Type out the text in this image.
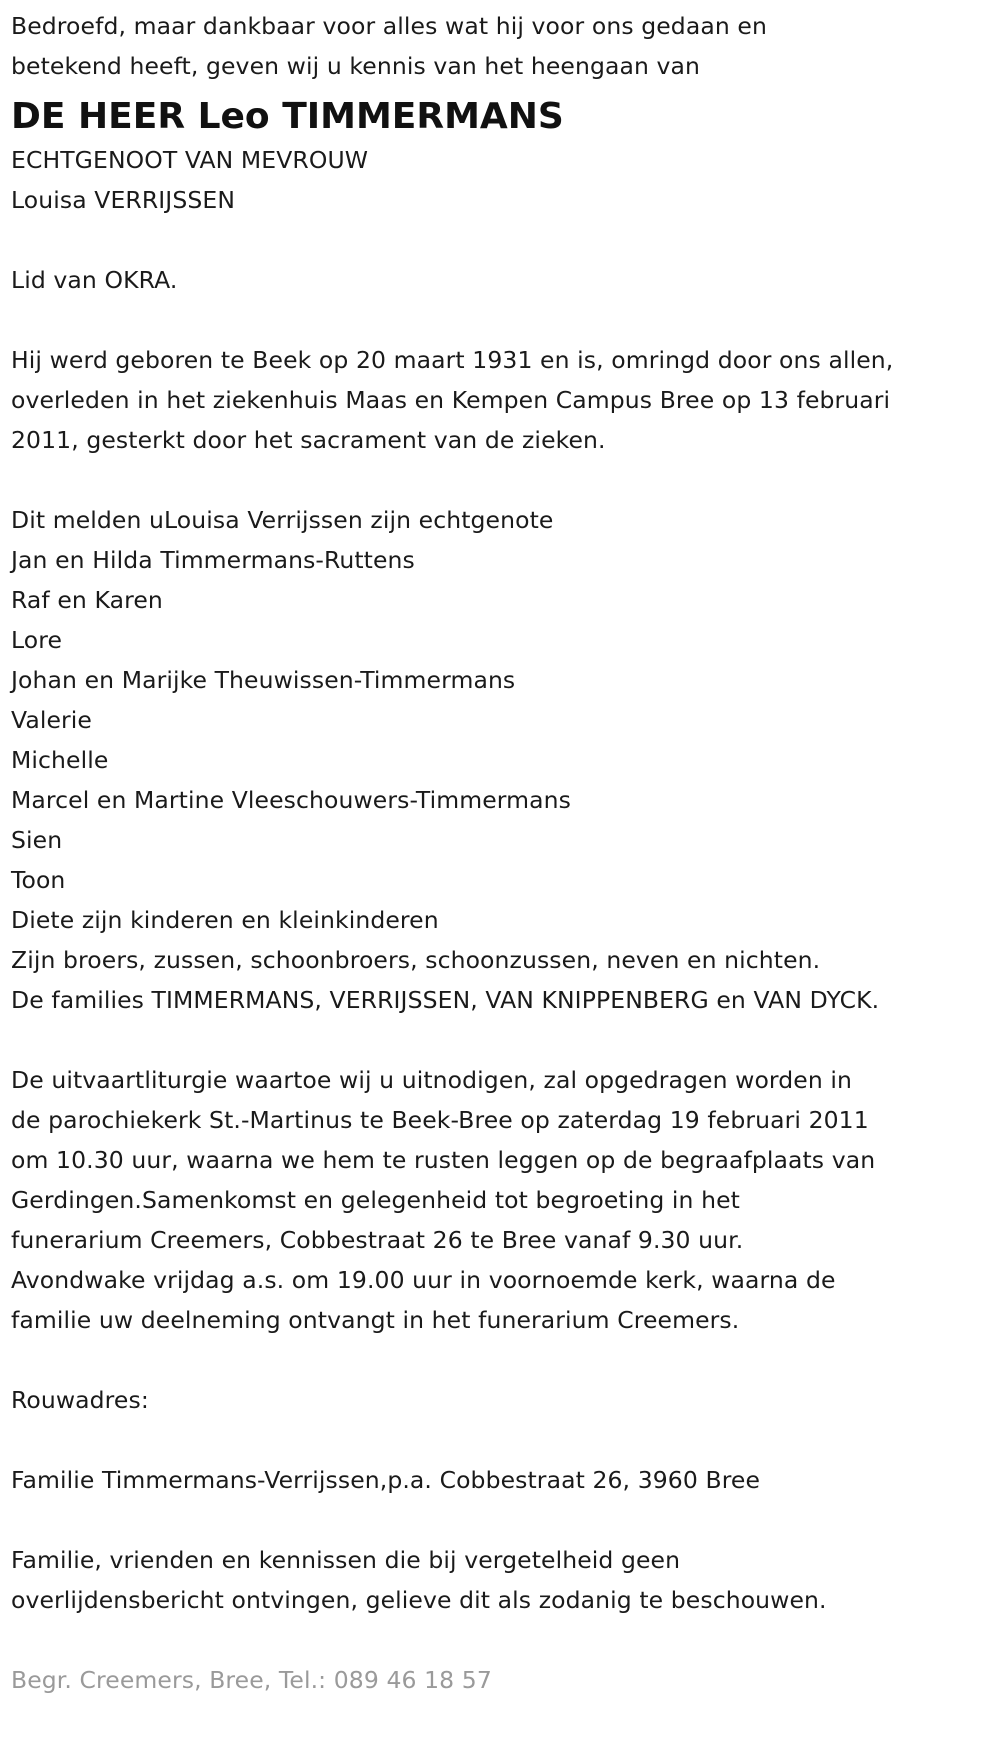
Bedroefd, maar dankbaar voor alles wat hij voor ons gedaan en
betekend heeft, geven wij u kennis van het heengaan van
DE HEER Leo TIMMERMANS
ECHTGENOOT VAN MEVROUW
Louisa VERRIJSSEN
Lid van OKRA.
Hij werd geboren te Beek op 20 maart 1931 en is, omringd door ons allen,
overleden in het ziekenhuis Maas en Kempen Campus Bree op 13 februari
2011, gesterkt door het sacrament van de zieken.
Dit melden uLouisa Verrijssen zijn echtgenote
Jan en Hilda Timmermans-Ruttens
Raf en Karen
Lore
Johan en Marijke Theuwissen-Timmermans
Valerie
Michelle
Marcel en Martine Vleeschouwers-Timmermans
Sien
Toon
Diete zijn kinderen en kleinkinderen
Zijn broers, zussen, schoonbroers, schoonzussen, neven en nichten.
De families TIMMERMANS, VERRIJSSEN, VAN KNIPPENBERG en VAN DYCK.
De uitvaartliturgie waartoe wij u uitnodigen, zal opgedragen worden in
de parochiekerk St.-Martinus te Beek-Bree op zaterdag 19 februari 2011
om 10.30 uur, waarna we hem te rusten leggen op de begraafplaats van
Gerdingen.Samenkomst en gelegenheid tot begroeting in het
funerarium Creemers, Cobbestraat 26 te Bree vanaf 9.30 uur.
Avondwake vrijdag a.s. om 19.00 uur in voornoemde kerk, waarna de
familie uw deelneming ontvangt in het funerarium Creemers.
Rouwadres:
Familie Timmermans-Verrijssen,p.a. Cobbestraat 26, 3960 Bree
Familie, vrienden en kennissen die bij vergetelheid geen
overlijdensbericht ontvingen, gelieve dit als zodanig te beschouwen.
Begr. Creemers, Bree, Tel.: 089 46 18 57
